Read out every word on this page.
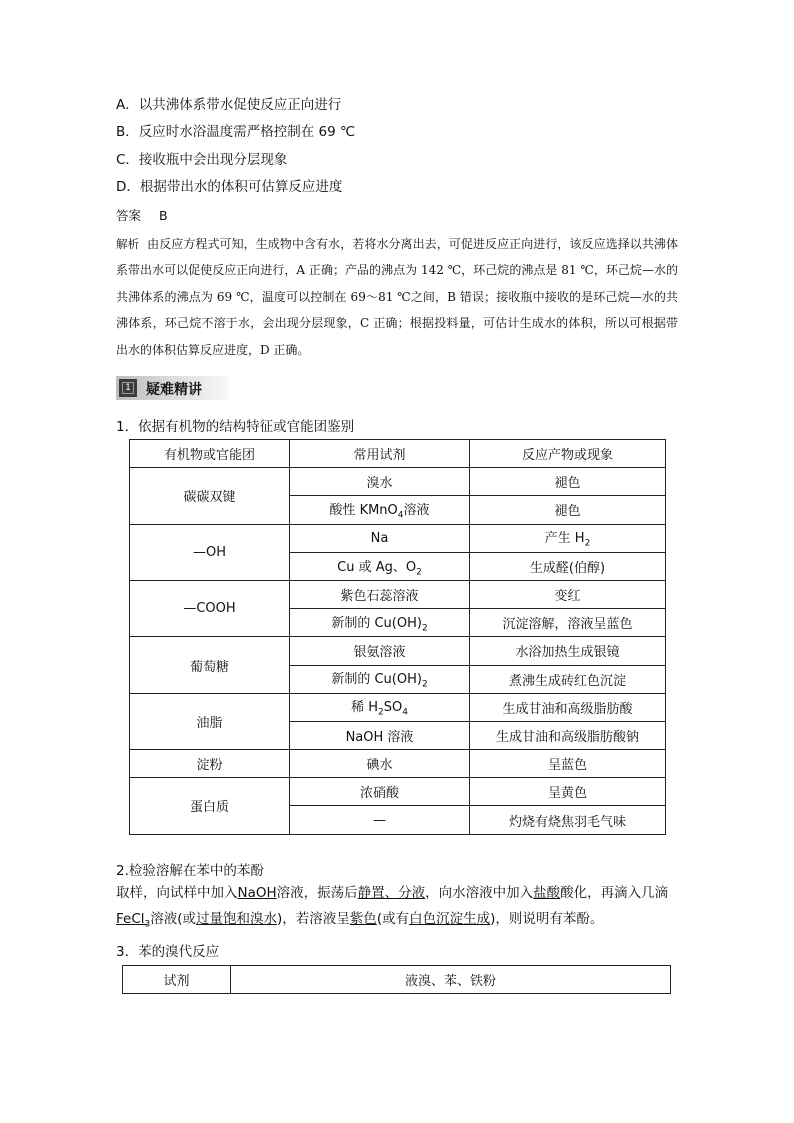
A．以共沸体系带水促使反应正向进行
B．反应时水浴温度需严格控制在 69 ℃
C．接收瓶中会出现分层现象
D．根据带出水的体积可估算反应进度
答案 B
解析 由反应方程式可知，生成物中含有水，若将水分离出去，可促进反应正向进行，该反应选择以共沸体系带出水可以促使反应正向进行，A 正确；产品的沸点为 142 ℃，环己烷的沸点是 81 ℃，环己烷—水的共沸体系的沸点为 69 ℃，温度可以控制在 69～81 ℃之间，B 错误；接收瓶中接收的是环己烷—水的共沸体系，环己烷不溶于水，会出现分层现象，C 正确；根据投料量，可估计生成水的体积，所以可根据带出水的体积估算反应进度，D 正确。
1 疑难精讲
1．依据有机物的结构特征或官能团鉴别
有机物或官能团	常用试剂	反应产物或现象
碳碳双键	溴水	褪色
	酸性 KMnO$_4$溶液	褪色
—OH	Na	产生 $H_2$
	Cu 或 Ag、$O_2$	生成醛(伯醇)
—COOH	紫色石蕊溶液	变红
	新制的 $Cu(OH)_2$	沉淀溶解，溶液呈蓝色
葡萄糖	银氨溶液	水浴加热生成银镜
	新制的 $Cu(OH)_2$	煮沸生成砖红色沉淀
油脂	稀 $H_2SO_4$	生成甘油和高级脂肪酸
	NaOH 溶液	生成甘油和高级脂肪酸钠
淀粉	碘水	呈蓝色
蛋白质	浓硝酸	呈黄色
	—	灼烧有烧焦羽毛气味
2.检验溶解在苯中的苯酚
取样，向试样中加入NaOH溶液，振荡后静置、分液，向水溶液中加入盐酸酸化，再滴入几滴FeCl$_3$溶液(或过量饱和溴水)，若溶液呈紫色(或有白色沉淀生成)，则说明有苯酚。
3．苯的溴代反应
试剂	液溴、苯、铁粉
